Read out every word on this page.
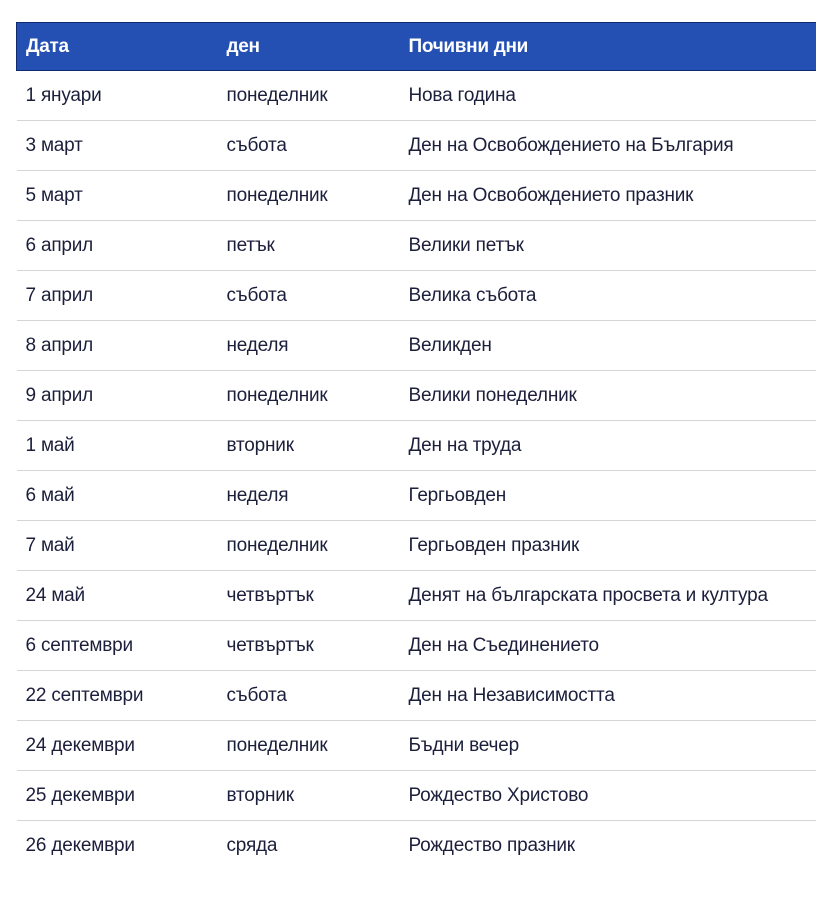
Дата	ден	Почивни дни
1 януари	понеделник	Нова година
3 март	събота	Ден на Освобождението на България
5 март	понеделник	Ден на Освобождението празник
6 април	петък	Велики петък
7 април	събота	Велика събота
8 април	неделя	Великден
9 април	понеделник	Велики понеделник
1 май	вторник	Ден на труда
6 май	неделя	Гергьовден
7 май	понеделник	Гергьовден празник
24 май	четвъртък	Денят на българската просвета и култура
6 септември	четвъртък	Ден на Съединението
22 септември	събота	Ден на Независимостта
24 декември	понеделник	Бъдни вечер
25 декември	вторник	Рождество Христово
26 декември	сряда	Рождество празник
